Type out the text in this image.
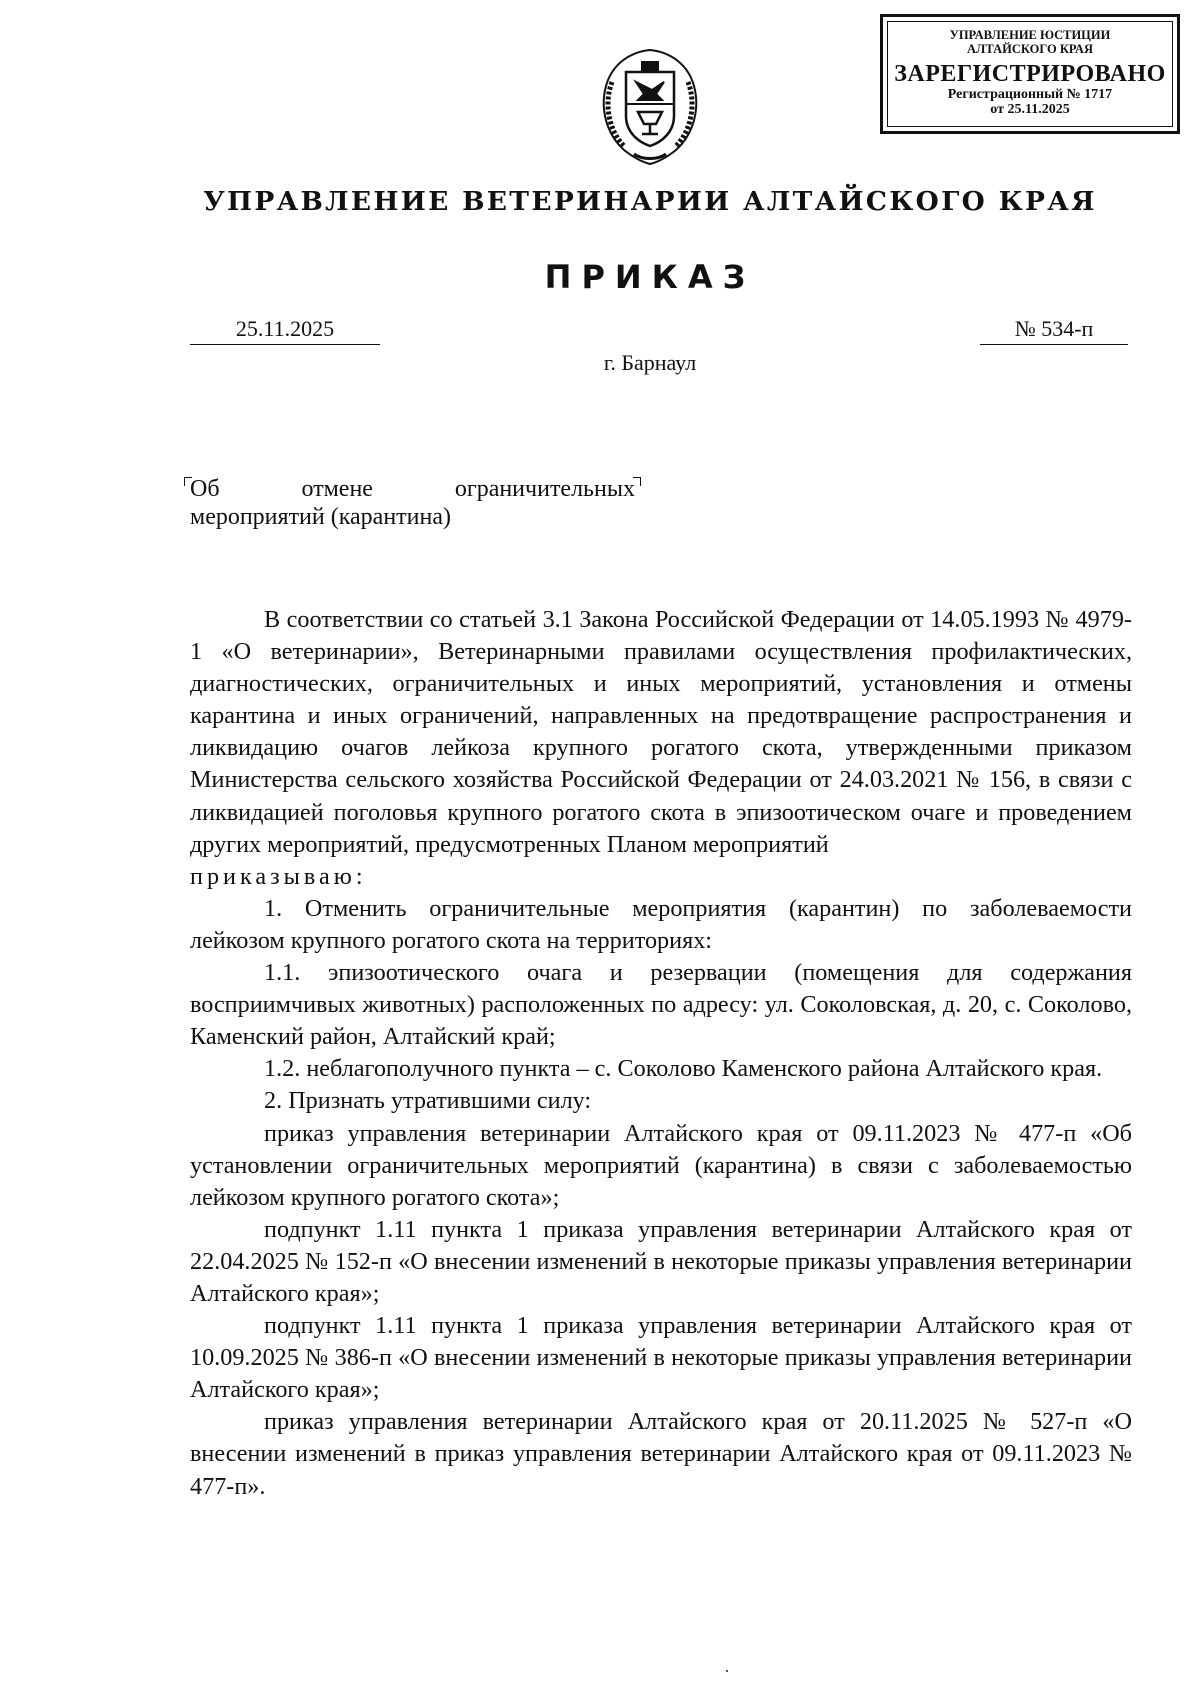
УПРАВЛЕНИЕ ЮСТИЦИИ
АЛТАЙСКОГО КРАЯ
ЗАРЕГИСТРИРОВАНО
Регистрационный № 1717
от 25.11.2025
УПРАВЛЕНИЕ ВЕТЕРИНАРИИ АЛТАЙСКОГО КРАЯ
ПРИКАЗ
25.11.2025	№ 534-п
г. Барнаул
Об	отмене	ограничительных
мероприятий (карантина)

В соответствии со статьей 3.1 Закона Российской Федерации от 14.05.1993 № 4979-1 «О ветеринарии», Ветеринарными правилами осуществления профилактических, диагностических, ограничительных и иных мероприятий, установления и отмены карантина и иных ограничений, направленных на предотвращение распространения и ликвидацию очагов лейкоза крупного рогатого скота, утвержденными приказом Министерства сельского хозяйства Российской Федерации от 24.03.2021 № 156, в связи с ликвидацией поголовья крупного рогатого скота в эпизоотическом очаге и проведением других мероприятий, предусмотренных Планом мероприятий

приказываю:

1. Отменить ограничительные мероприятия (карантин) по заболеваемости лейкозом крупного рогатого скота на территориях:

1.1. эпизоотического очага и резервации (помещения для содержания восприимчивых животных) расположенных по адресу: ул. Соколовская, д. 20, с. Соколово, Каменский район, Алтайский край;

1.2. неблагополучного пункта – с. Соколово Каменского района Алтайского края.

2. Признать утратившими силу:

приказ управления ветеринарии Алтайского края от 09.11.2023 № 477-п «Об установлении ограничительных мероприятий (карантина) в связи с заболеваемостью лейкозом крупного рогатого скота»;

подпункт 1.11 пункта 1 приказа управления ветеринарии Алтайского края от 22.04.2025 № 152-п «О внесении изменений в некоторые приказы управления ветеринарии Алтайского края»;

подпункт 1.11 пункта 1 приказа управления ветеринарии Алтайского края от 10.09.2025 № 386-п «О внесении изменений в некоторые приказы управления ветеринарии Алтайского края»;

приказ управления ветеринарии Алтайского края от 20.11.2025 № 527-п «О внесении изменений в приказ управления ветеринарии Алтайского края от 09.11.2023 № 477-п».
